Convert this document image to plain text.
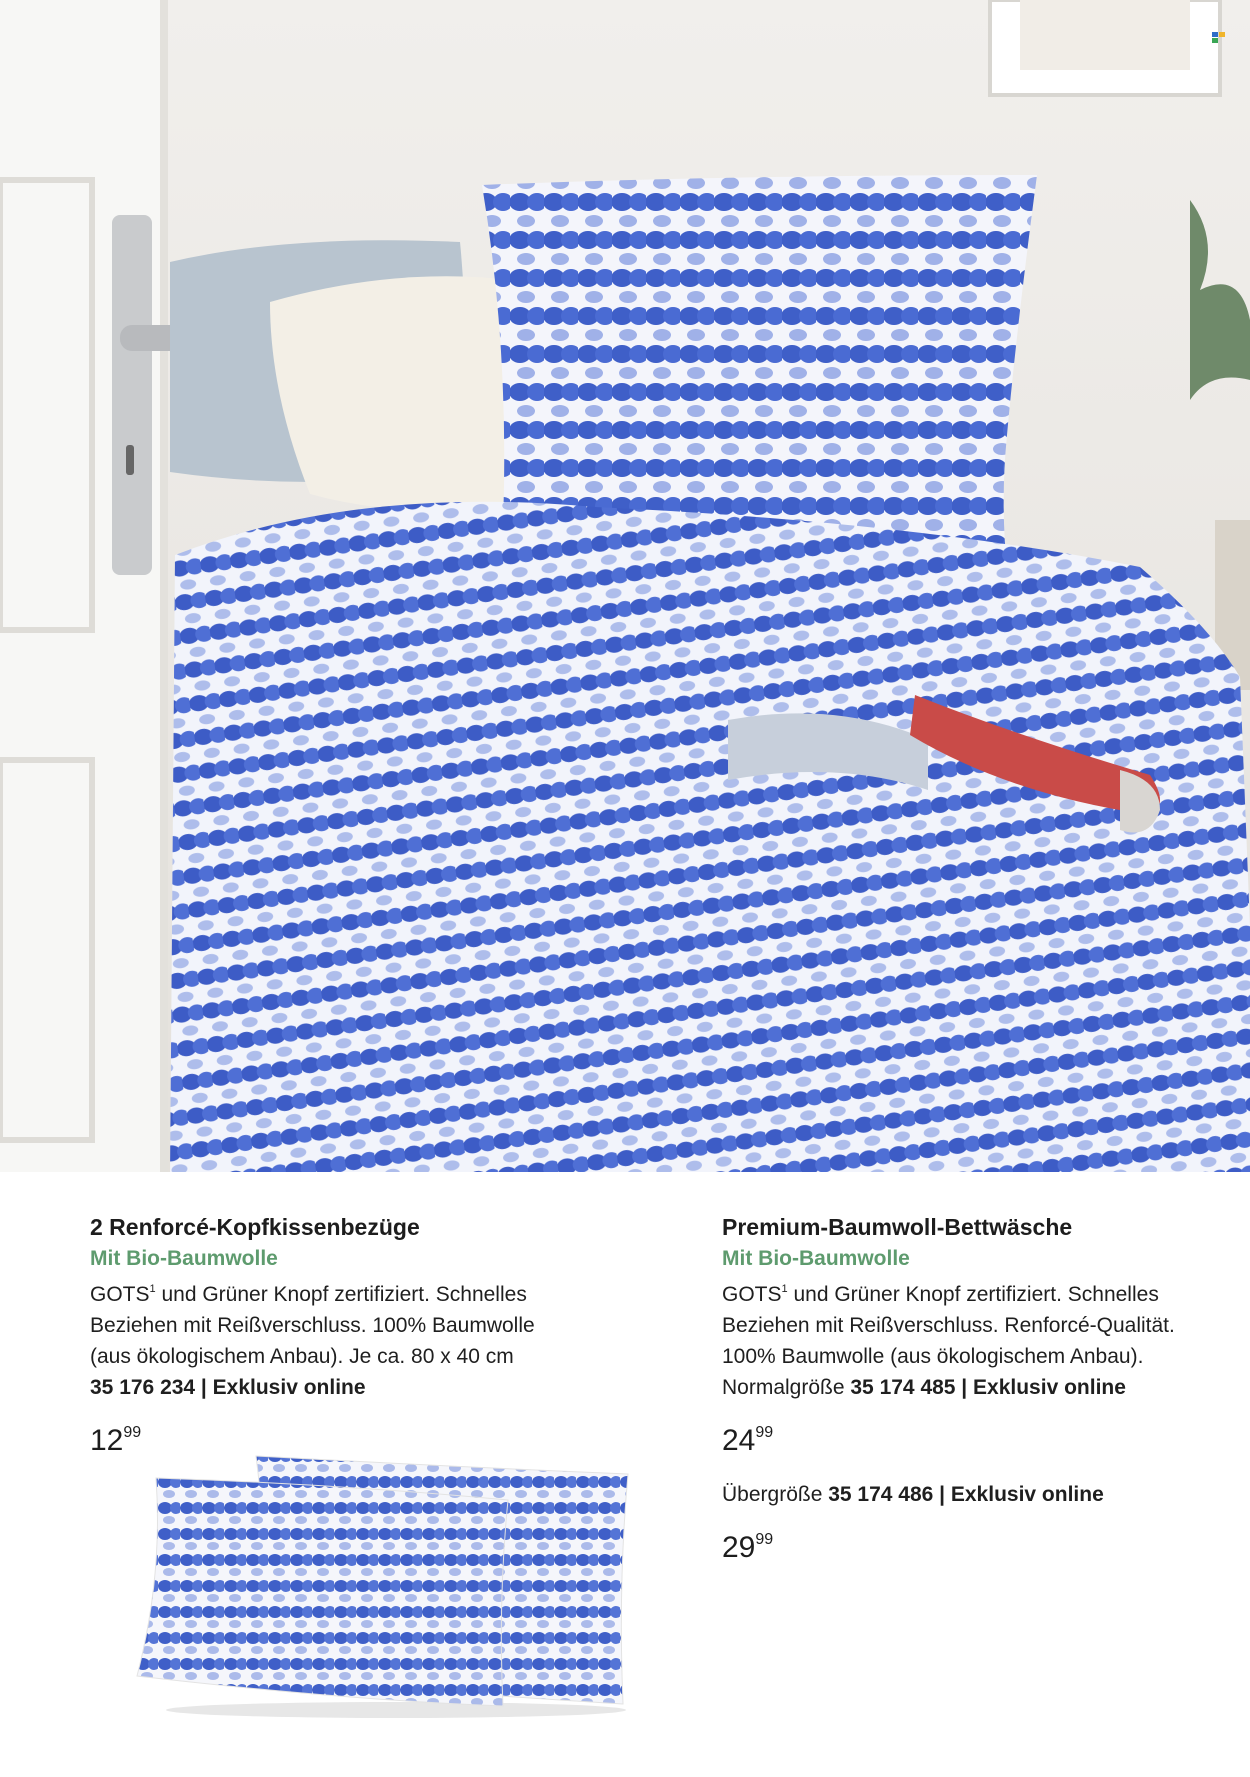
2 Renforcé-Kopfkissenbezüge

Mit Bio-Baumwolle

GOTS$^1$ und Grüner Knopf zertifiziert. Schnelles

Beziehen mit Reißverschluss. 100% Baumwolle

(aus ökologischem Anbau). Je ca. 80 x 40 cm

35 176 234 | Exklusiv online
$12^{99}$

Premium-Baumwoll-Bettwäsche

Mit Bio-Baumwolle

GOTS$^1$ und Grüner Knopf zertifiziert. Schnelles

Beziehen mit Reißverschluss. Renforcé-Qualität.

100% Baumwolle (aus ökologischem Anbau).

Normalgröße 35 174 485 | Exklusiv online
$24^{99}$
Übergröße 35 174 486 | Exklusiv online
$29^{99}$
